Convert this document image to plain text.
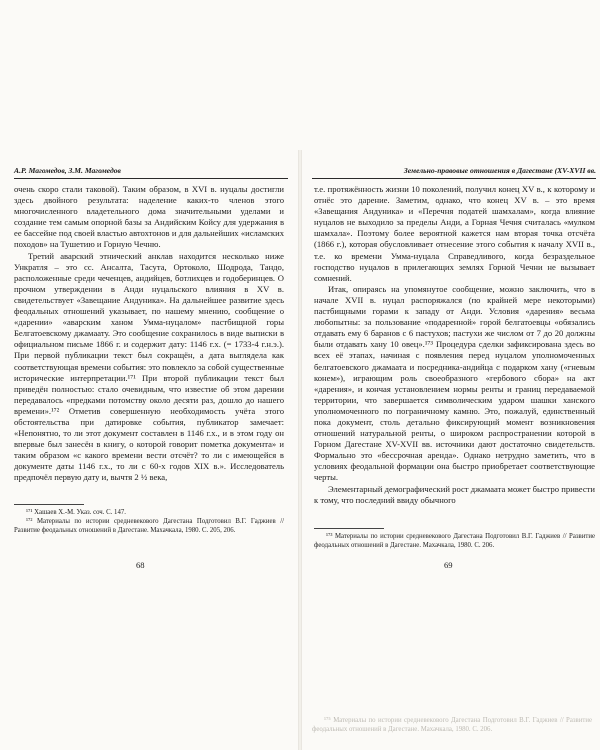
А.Р. Магомедов, З.М. Магомедов

очень скоро стали таковой). Таким образом, в XVI в. нуцалы достигли здесь двойного результата: наделение каких-то членов этого многочисленного владетельного дома значительными уделами и создание тем самым опорной базы за Андийским Койсу для удержания в ее бассейне под своей властью автохтонов и для дальнейших «исламских походов» на Тушетию и Горную Чечню.

Третий аварский этнический анклав находится несколько ниже Ункратля – это сс. Ансалта, Тасута, Ортоколо, Шодрода, Тандо, расположенные среди чеченцев, андийцев, ботлихцев и годоберинцев. О прочном утверждении в Анди нуцальского влияния в XV в. свидетельствует «Завещание Андуника». На дальнейшее развитие здесь феодальных отношений указывает, по нашему мнению, сообщение о «дарении» «аварским ханом Умма-нуцалом» пастбищной горы Белгатоевскому джамаату. Это сообщение сохранилось в виде выписки в официальном письме 1866 г. и содержит дату: 1146 г.х. (= 1733-4 г.н.э.). При первой публикации текст был сокращён, а дата выглядела как соответствующая времени события: это повлекло за собой существенные исторические интерпретации.¹⁷¹ При второй публикации текст был приведён полностью: стало очевидным, что известие об этом дарении передавалось «предками потомству около десяти раз, дошло до нашего времени».¹⁷² Отметив совершенную необходимость учёта этого обстоятельства при датировке события, публикатор замечает: «Непонятно, то ли этот документ составлен в 1146 г.х., и в этом году он впервые был занесён в книгу, о которой говорит пометка документа» и таким образом «с какого времени вести отсчёт? то ли с имеющейся в документе даты 1146 г.х., то ли с 60-х годов XIX в.». Исследователь предпочёл первую дату и, вычтя 2 ½ века,

¹⁷¹ Хашаев Х.-М. Указ. соч. С. 147.

¹⁷² Материалы по истории средневекового Дагестана Подготовил В.Г. Гаджиев // Развитие феодальных отношений в Дагестане. Махачкала, 1980. С. 205, 206.

68
Земельно-правовые отношения в Дагестане (XV-XVII вв.

т.е. протяжённость жизни 10 поколений, получил конец XV в., к которому и отнёс это дарение. Заметим, однако, что конец XV в. – это время «Завещания Андуника» и «Перечня податей шамхалам», когда влияние нуцалов не выходило за пределы Анди, а Горная Чечня считалась «мулком шамхала». Поэтому более вероятной кажется нам вторая точка отсчёта (1866 г.), которая обусловливает отнесение этого события к началу XVII в., т.е. ко времени Умма-нуцала Справедливого, когда безраздельное господство нуцалов в прилегающих землях Горной Чечни не вызывает сомнений.

Итак, опираясь на упомянутое сообщение, можно заключить, что в начале XVII в. нуцал распоряжался (по крайней мере некоторыми) пастбищными горами к западу от Анди. Условия «дарения» весьма любопытны: за пользование «подаренной» горой белгатоевцы «обязались отдавать ему 6 баранов с 6 пастухов; пастухи же числом от 7 до 20 должны были отдавать хану 10 овец».¹⁷³ Процедура сделки зафиксирована здесь во всех её этапах, начиная с появления перед нуцалом уполномоченных белгатоевского джамаата и посредника-андийца с подарком хану («гневым конем»), играющим роль своеобразного «гербового сбора» на акт «дарения», и кончая установлением нормы ренты и границ передаваемой территории, что завершается символическим ударом шашки ханского уполномоченного по пограничному камню. Это, пожалуй, единственный пока документ, столь детально фиксирующий момент возникновения отношений натуральной ренты, о широком распространении которой в Горном Дагестане XV-XVII вв. источники дают достаточно свидетельств. Формально это «бессрочная аренда». Однако нетрудно заметить, что в условиях феодальной формации она быстро приобретает соответствующие черты.

Элементарный демографический рост джамаата может быстро привести к тому, что последний ввиду обычного

¹⁷³ Материалы по истории средневекового Дагестана Подготовил В.Г. Гаджиев // Развитие феодальных отношений в Дагестане. Махачкала, 1980. С. 206.

69

¹⁷⁵ Материалы по истории средневекового Дагестана Подготовил В.Г. Гаджиев // Развитие феодальных отношений в Дагестане. Махачкала, 1980. С. 206.
